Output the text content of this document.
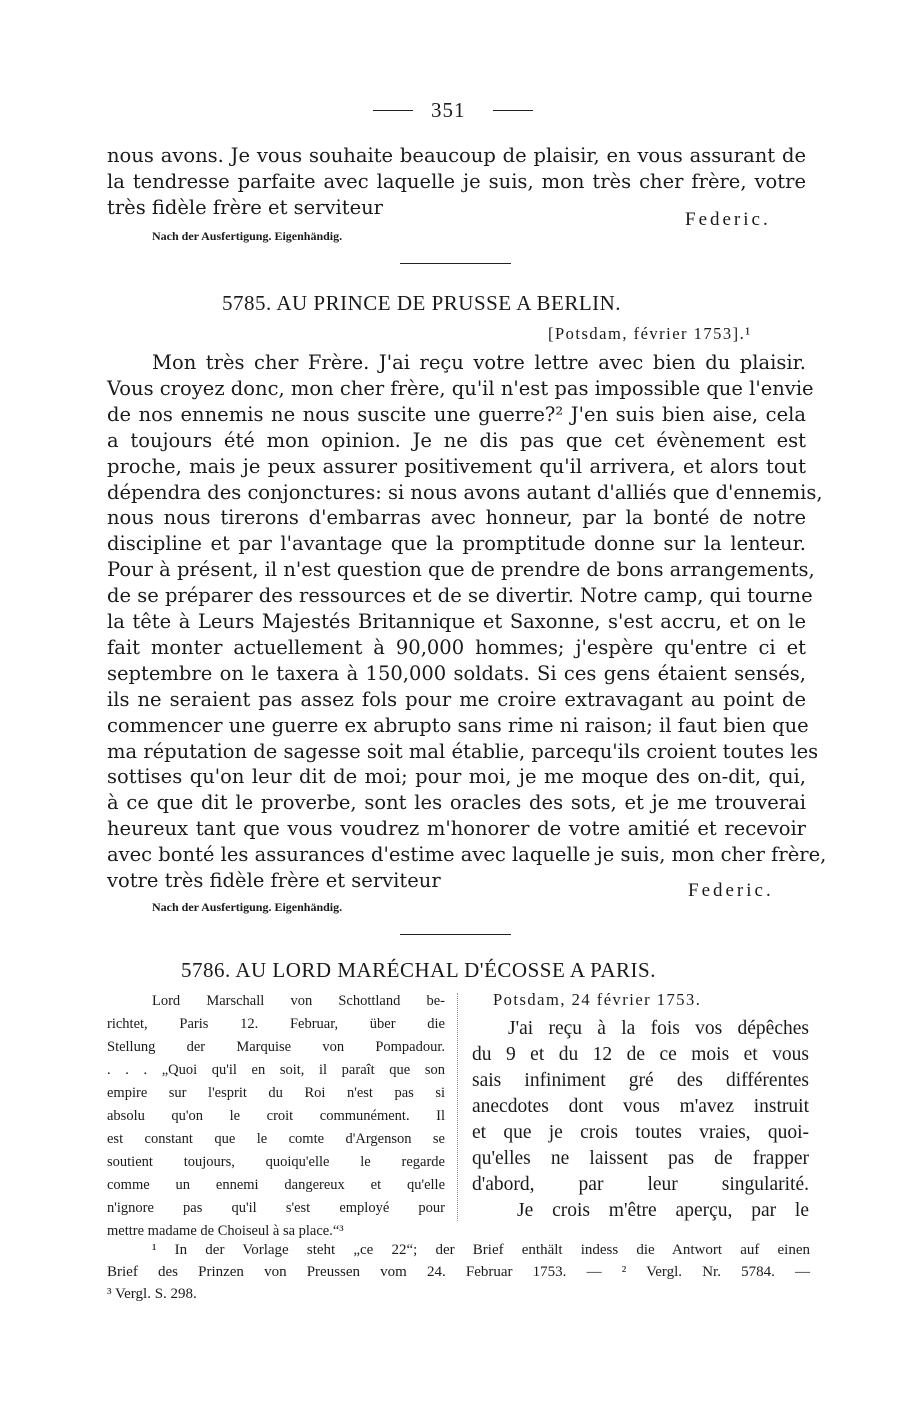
351
nous avons. Je vous souhaite beaucoup de plaisir, en vous assurant de
la tendresse parfaite avec laquelle je suis, mon très cher frère, votre
très fidèle frère et serviteur
Federic.
Nach der Ausfertigung. Eigenhändig.
5785. AU PRINCE DE PRUSSE A BERLIN.
[Potsdam, février 1753].¹
Mon très cher Frère. J'ai reçu votre lettre avec bien du plaisir.
Vous croyez donc, mon cher frère, qu'il n'est pas impossible que l'envie
de nos ennemis ne nous suscite une guerre?² J'en suis bien aise, cela
a toujours été mon opinion. Je ne dis pas que cet évènement est
proche, mais je peux assurer positivement qu'il arrivera, et alors tout
dépendra des conjonctures: si nous avons autant d'alliés que d'ennemis,
nous nous tirerons d'embarras avec honneur, par la bonté de notre
discipline et par l'avantage que la promptitude donne sur la lenteur.
Pour à présent, il n'est question que de prendre de bons arrangements,
de se préparer des ressources et de se divertir. Notre camp, qui tourne
la tête à Leurs Majestés Britannique et Saxonne, s'est accru, et on le
fait monter actuellement à 90,000 hommes; j'espère qu'entre ci et
septembre on le taxera à 150,000 soldats. Si ces gens étaient sensés,
ils ne seraient pas assez fols pour me croire extravagant au point de
commencer une guerre ex abrupto sans rime ni raison; il faut bien que
ma réputation de sagesse soit mal établie, parcequ'ils croient toutes les
sottises qu'on leur dit de moi; pour moi, je me moque des on-dit, qui,
à ce que dit le proverbe, sont les oracles des sots, et je me trouverai
heureux tant que vous voudrez m'honorer de votre amitié et recevoir
avec bonté les assurances d'estime avec laquelle je suis, mon cher frère,
votre très fidèle frère et serviteur	Federic.
Nach der Ausfertigung. Eigenhändig.
5786. AU LORD MARÉCHAL D'ÉCOSSE A PARIS.
Lord Marschall von Schottland be-
richtet, Paris 12. Februar, über die
Stellung der Marquise von Pompadour.
. . . „Quoi qu'il en soit, il paraît que son
empire sur l'esprit du Roi n'est pas si
absolu qu'on le croit communément. Il
est constant que le comte d'Argenson se
soutient toujours, quoiqu'elle le regarde
comme un ennemi dangereux et qu'elle
n'ignore pas qu'il s'est employé pour
mettre madame de Choiseul à sa place.“³
Potsdam, 24 février 1753.
J'ai reçu à la fois vos dépêches
du 9 et du 12 de ce mois et vous
sais infiniment gré des différentes
anecdotes dont vous m'avez instruit
et que je crois toutes vraies, quoi-
qu'elles ne laissent pas de frapper
d'abord, par leur singularité.
Je crois m'être aperçu, par le
¹ In der Vorlage steht „ce 22“; der Brief enthält indess die Antwort auf einen
Brief des Prinzen von Preussen vom 24. Februar 1753. — ² Vergl. Nr. 5784. —
³ Vergl. S. 298.
